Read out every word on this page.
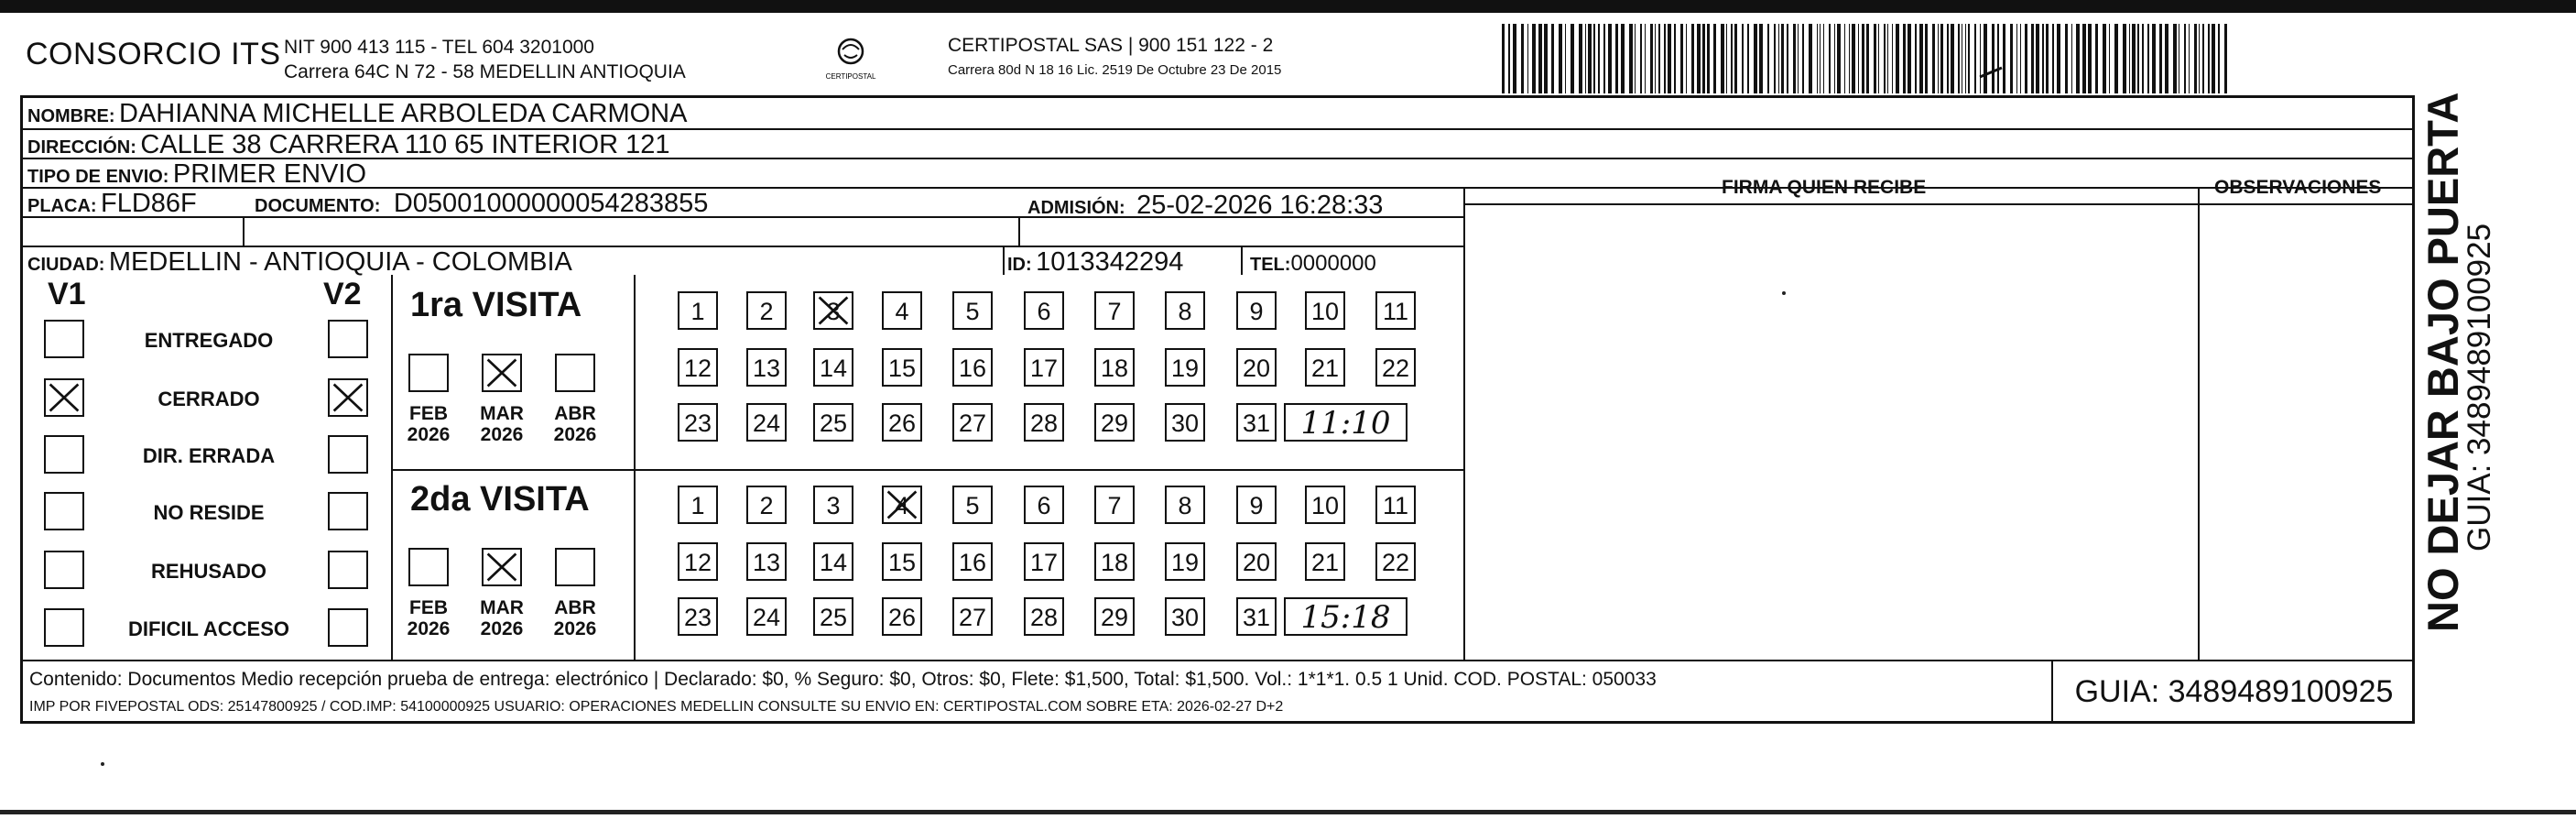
CONSORCIO ITS NIT 900 413 115 - TEL 604 3201000
Carrera 64C N 72 - 58 MEDELLIN ANTIOQUIA	CERTIPOSTAL
CERTIPOSTAL SAS | 900 151 122 - 2
Carrera 80d N 18 16 Lic. 2519 De Octubre 23 De 2015
NOMBRE: DAHIANNA MICHELLE ARBOLEDA CARMONA
DIRECCIÓN: CALLE 38 CARRERA 110 65 INTERIOR 121
TIPO DE ENVIO: PRIMER ENVIO	FIRMA QUIEN RECIBE	OBSERVACIONES
PLACA: FLD86F	DOCUMENTO: D05001000000054283855	ADMISIÓN: 25-02-2026 16:28:33
CIUDAD: MEDELLIN - ANTIOQUIA - COLOMBIA	ID: 1013342294	TEL:0000000
V1	V2
ENTREGADO
CERRADO
DIR. ERRADA
NO RESIDE
REHUSADO
DIFICIL ACCESO
1ra VISITA
FEB
2026
MAR
2026
ABR
2026
1	2	3	4	5	6	7	8	9	10 11
12 13 14 15 16 17 18 19 20 21 22
23 24 25 26 27 28 29 30 31 11:10
2da VISITA
FEB
2026
MAR
2026
ABR
2026
1	2	3	4	5	6	7	8	9	10 11
12 13 14 15 16 17 18 19 20 21 22
23 24 25 26 27 28 29 30 31 15:18
Contenido: Documentos Medio recepción prueba de entrega: electrónico | Declarado: $0, % Seguro: $0, Otros: $0, Flete: $1,500, Total: $1,500. Vol.: 1*1*1. 0.5 1 Unid. COD. POSTAL: 050033
IMP POR FIVEPOSTAL ODS: 25147800925 / COD.IMP: 54100000925 USUARIO: OPERACIONES MEDELLIN CONSULTE SU ENVIO EN: CERTIPOSTAL.COM SOBRE ETA: 2026-02-27 D+2	GUIA: 3489489100925
NO DEJAR BAJO PUERTA
GUIA: 3489489100925
